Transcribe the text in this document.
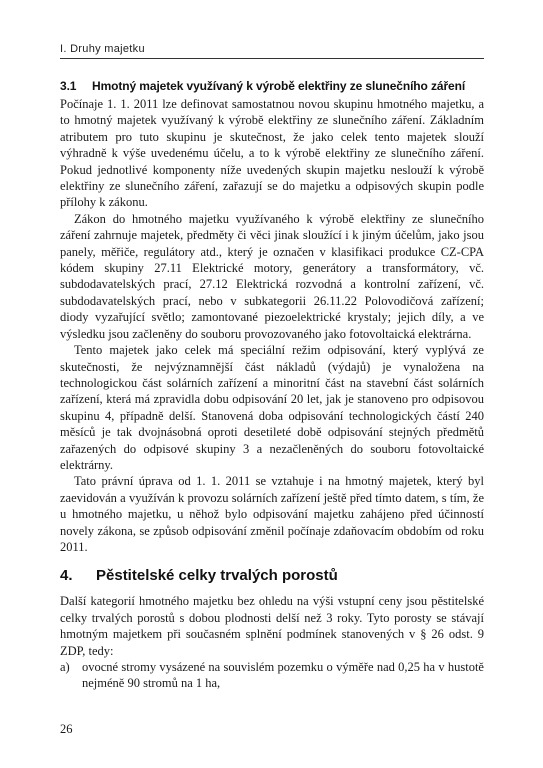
I. Druhy majetku
3.1	Hmotný majetek využívaný k výrobě elektřiny ze slunečního záření

Počínaje 1. 1. 2011 lze definovat samostatnou novou skupinu hmotného majetku, a to hmotný majetek využívaný k výrobě elektřiny ze slunečního záření. Základním atributem pro tuto skupinu je skutečnost, že jako celek tento majetek slouží výhradně k výše uvedenému účelu, a to k výrobě elektřiny ze slunečního záření. Pokud jednotlivé komponenty níže uvedených skupin majetku neslouží k výrobě elektřiny ze slunečního záření, zařazují se do majetku a odpisových skupin podle přílohy k zákonu.

Zákon do hmotného majetku využívaného k výrobě elektřiny ze slunečního záření zahrnuje majetek, předměty či věci jinak sloužící i k jiným účelům, jako jsou panely, měřiče, regulátory atd., který je označen v klasifikaci produkce CZ-CPA kódem skupiny 27.11 Elektrické motory, generátory a transformátory, vč. subdodavatelských prací, 27.12 Elektrická rozvodná a kontrolní zařízení, vč. subdodavatelských prací, nebo v subkategorii 26.11.22 Polovodičová zařízení; diody vyzařující světlo; zamontované piezoelektrické krystaly; jejich díly, a ve výsledku jsou začleněny do souboru provozovaného jako fotovoltaická elektrárna.

Tento majetek jako celek má speciální režim odpisování, který vyplývá ze skutečnosti, že nejvýznamnější část nákladů (výdajů) je vynaložena na technologickou část solárních zařízení a minoritní část na stavební část solárních zařízení, která má zpravidla dobu odpisování 20 let, jak je stanoveno pro odpisovou skupinu 4, případně delší. Stanovená doba odpisování technologických částí 240 měsíců je tak dvojnásobná oproti desetileté době odpisování stejných předmětů zařazených do odpisové skupiny 3 a nezačleněných do souboru fotovoltaické elektrárny.

Tato právní úprava od 1. 1. 2011 se vztahuje i na hmotný majetek, který byl zaevidován a využíván k provozu solárních zařízení ještě před tímto datem, s tím, že u hmotného majetku, u něhož bylo odpisování majetku zahájeno před účinností novely zákona, se způsob odpisování změnil počínaje zdaňovacím obdobím od roku 2011.

4.	Pěstitelské celky trvalých porostů

Další kategorií hmotného majetku bez ohledu na výši vstupní ceny jsou pěstitelské celky trvalých porostů s dobou plodnosti delší než 3 roky. Tyto porosty se stávají hmotným majetkem při současném splnění podmínek stanovených v § 26 odst. 9 ZDP, tedy:

a) ovocné stromy vysázené na souvislém pozemku o výměře nad 0,25 ha v hustotě nejméně 90 stromů na 1 ha,
26
